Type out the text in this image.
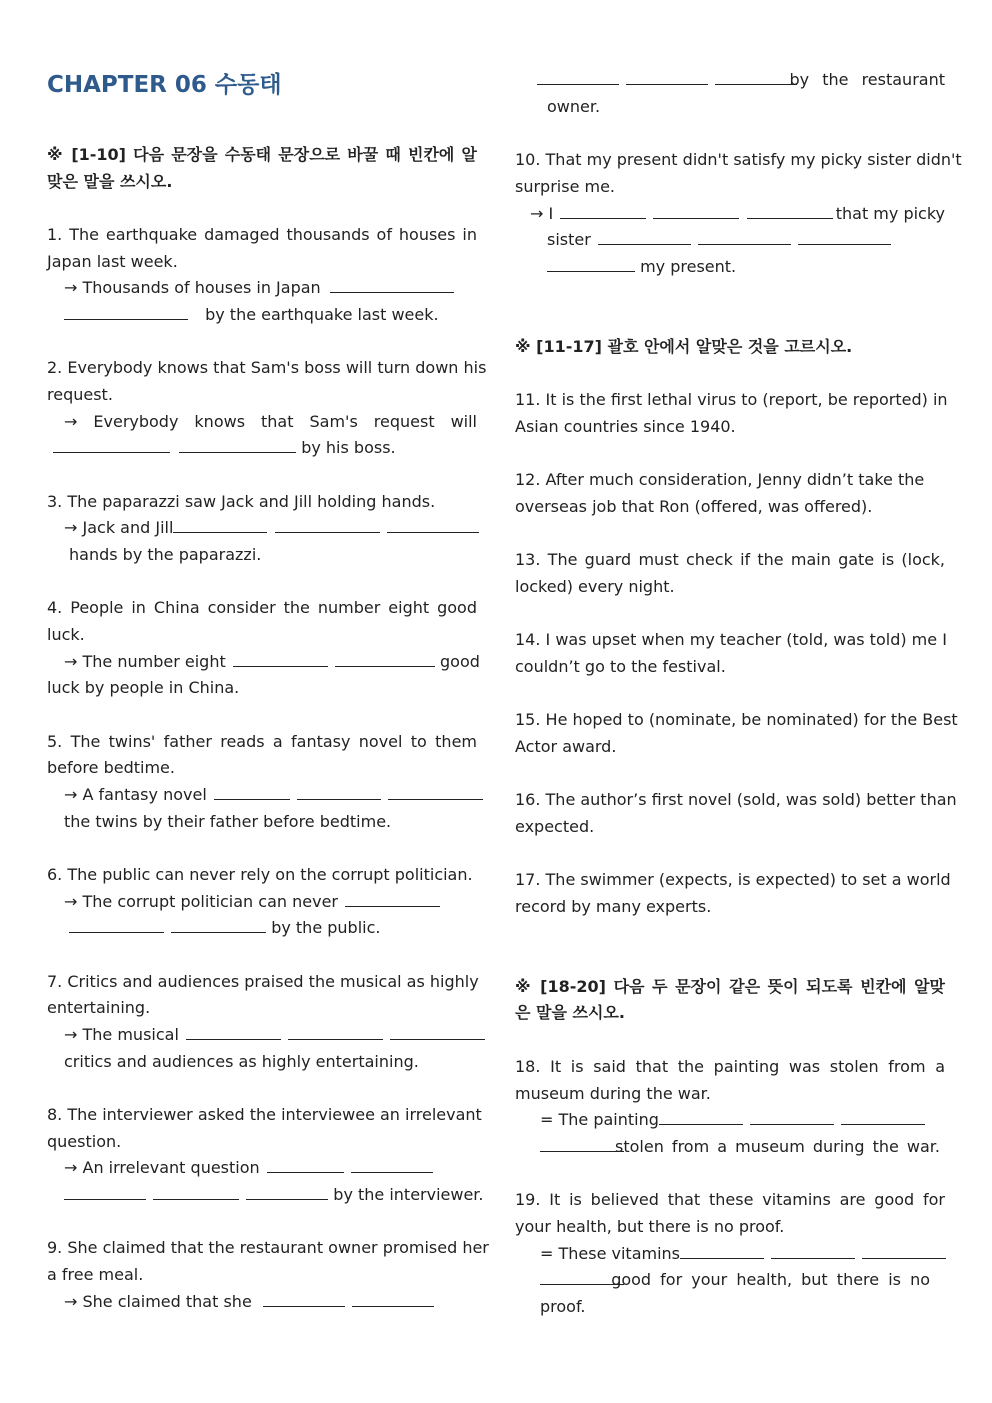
CHAPTER 06 수동태
※ [1-10] 다음 문장을 수동태 문장으로 바꿀 때 빈칸에 알
맞은 말을 쓰시오.
1. The earthquake damaged thousands of houses in
Japan last week.
→ Thousands of houses in Japan
by the earthquake last week.
2. Everybody knows that Sam's boss will turn down his
request.
→ Everybody knows that Sam's request will
by his boss.
3. The paparazzi saw Jack and Jill holding hands.
→ Jack and Jill
hands by the paparazzi.
4. People in China consider the number eight good
luck.
→ The number eight	good
luck by people in China.
5. The twins' father reads a fantasy novel to them
before bedtime.
→ A fantasy novel
the twins by their father before bedtime.
6. The public can never rely on the corrupt politician.
→ The corrupt politician can never
by the public.
7. Critics and audiences praised the musical as highly
entertaining.
→ The musical
critics and audiences as highly entertaining.
8. The interviewer asked the interviewee an irrelevant
question.
→ An irrelevant question
by the interviewer.
9. She claimed that the restaurant owner promised her
a free meal.
→ She claimed that she

by the restaurant
owner.
10. That my present didn't satisfy my picky sister didn't
surprise me.
→ I	that my picky
sister
my present.
※ [11-17] 괄호 안에서 알맞은 것을 고르시오.
11. It is the first lethal virus to (report, be reported) in
Asian countries since 1940.
12. After much consideration, Jenny didn’t take the
overseas job that Ron (offered, was offered).
13. The guard must check if the main gate is (lock,
locked) every night.
14. I was upset when my teacher (told, was told) me I
couldn’t go to the festival.
15. He hoped to (nominate, be nominated) for the Best
Actor award.
16. The author’s first novel (sold, was sold) better than
expected.
17. The swimmer (expects, is expected) to set a world
record by many experts.
※ [18-20] 다음 두 문장이 같은 뜻이 되도록 빈칸에 알맞
은 말을 쓰시오.
18. It is said that the painting was stolen from a
museum during the war.
= The painting
stolen from a museum during the war.
19. It is believed that these vitamins are good for
your health, but there is no proof.
= These vitamins
good for your health, but there is no
proof.
